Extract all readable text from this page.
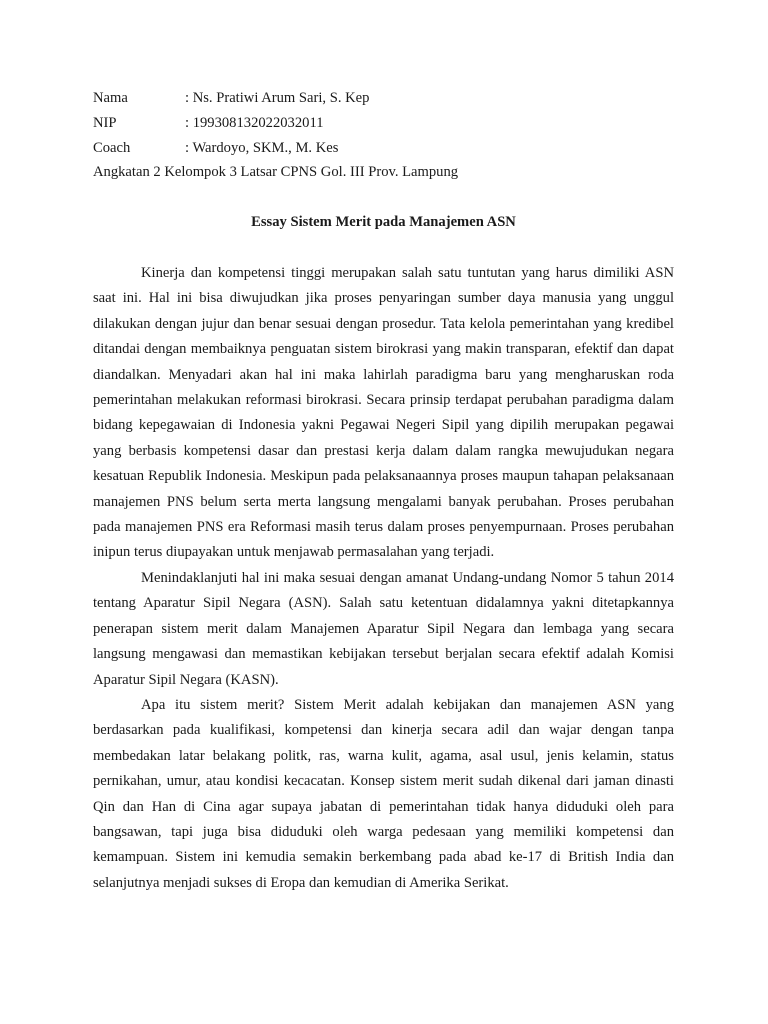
Nama	: Ns. Pratiwi Arum Sari, S. Kep
NIP	: 199308132022032011
Coach	: Wardoyo, SKM., M. Kes
Angkatan 2 Kelompok 3 Latsar CPNS Gol. III Prov. Lampung
Essay Sistem Merit pada Manajemen ASN

Kinerja dan kompetensi tinggi merupakan salah satu tuntutan yang harus dimiliki ASN saat ini. Hal ini bisa diwujudkan jika proses penyaringan sumber daya manusia yang unggul dilakukan dengan jujur dan benar sesuai dengan prosedur. Tata kelola pemerintahan yang kredibel ditandai dengan membaiknya penguatan sistem birokrasi yang makin transparan, efektif dan dapat diandalkan. Menyadari akan hal ini maka lahirlah paradigma baru yang mengharuskan roda pemerintahan melakukan reformasi birokrasi. Secara prinsip terdapat perubahan paradigma dalam bidang kepegawaian di Indonesia yakni Pegawai Negeri Sipil yang dipilih merupakan pegawai yang berbasis kompetensi dasar dan prestasi kerja dalam dalam rangka mewujudukan negara kesatuan Republik Indonesia. Meskipun pada pelaksanaannya proses maupun tahapan pelaksanaan manajemen PNS belum serta merta langsung mengalami banyak perubahan. Proses perubahan pada manajemen PNS era Reformasi masih terus dalam proses penyempurnaan. Proses perubahan inipun terus diupayakan untuk menjawab permasalahan yang terjadi.

Menindaklanjuti hal ini maka sesuai dengan amanat Undang-undang Nomor 5 tahun 2014 tentang Aparatur Sipil Negara (ASN). Salah satu ketentuan didalamnya yakni ditetapkannya penerapan sistem merit dalam Manajemen Aparatur Sipil Negara dan lembaga yang secara langsung mengawasi dan memastikan kebijakan tersebut berjalan secara efektif adalah Komisi Aparatur Sipil Negara (KASN).

Apa itu sistem merit? Sistem Merit adalah kebijakan dan manajemen ASN yang berdasarkan pada kualifikasi, kompetensi dan kinerja secara adil dan wajar dengan tanpa membedakan latar belakang politk, ras, warna kulit, agama, asal usul, jenis kelamin, status pernikahan, umur, atau kondisi kecacatan. Konsep sistem merit sudah dikenal dari jaman dinasti Qin dan Han di Cina agar supaya jabatan di pemerintahan tidak hanya diduduki oleh para bangsawan, tapi juga bisa diduduki oleh warga pedesaan yang memiliki kompetensi dan kemampuan. Sistem ini kemudia semakin berkembang pada abad ke-17 di British India dan selanjutnya menjadi sukses di Eropa dan kemudian di Amerika Serikat.
